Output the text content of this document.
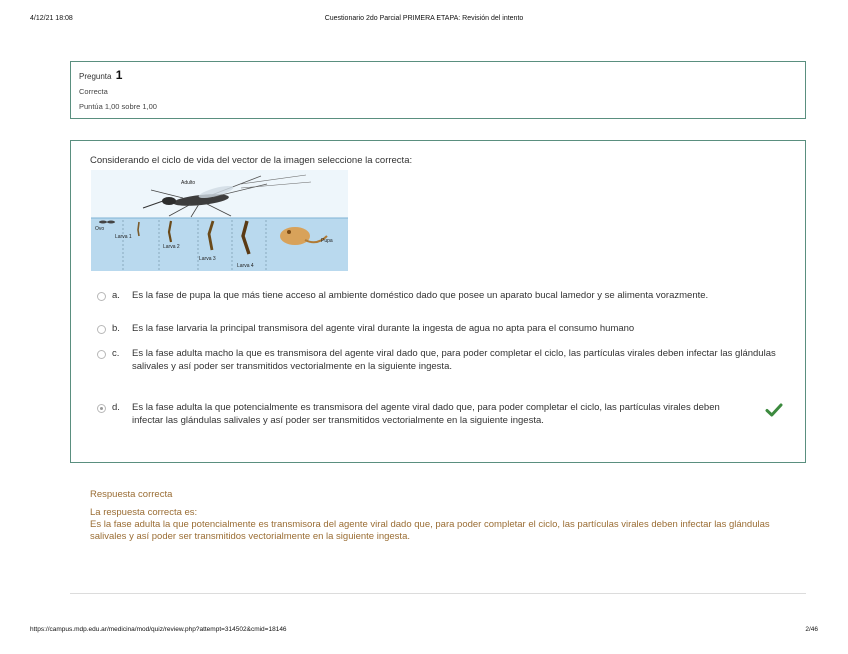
4/12/21 18:08	Cuestionario 2do Parcial PRIMERA ETAPA: Revisión del intento
Pregunta 1
Correcta
Puntúa 1,00 sobre 1,00
Considerando el ciclo de vida del vector de la imagen seleccione la correcta:
Adulto
Ovo
Larva 1
Larva 2
Larva 3
Larva 4
Pupa
a. Es la fase de pupa la que más tiene acceso al ambiente doméstico dado que posee un aparato bucal lamedor y se alimenta vorazmente.
b. Es la fase larvaria la principal transmisora del agente viral durante la ingesta de agua no apta para el consumo humano
c. Es la fase adulta macho la que es transmisora del agente viral dado que, para poder completar el ciclo, las partículas virales deben infectar las glándulas salivales y así poder ser transmitidos vectorialmente en la siguiente ingesta.
d. Es la fase adulta la que potencialmente es transmisora del agente viral dado que, para poder completar el ciclo, las partículas virales deben infectar las glándulas salivales y así poder ser transmitidos vectorialmente en la siguiente ingesta.
Respuesta correcta
La respuesta correcta es:
Es la fase adulta la que potencialmente es transmisora del agente viral dado que, para poder completar el ciclo, las partículas virales deben infectar las glándulas salivales y así poder ser transmitidos vectorialmente en la siguiente ingesta.
https://campus.mdp.edu.ar/medicina/mod/quiz/review.php?attempt=314502&cmid=18146	2/46
